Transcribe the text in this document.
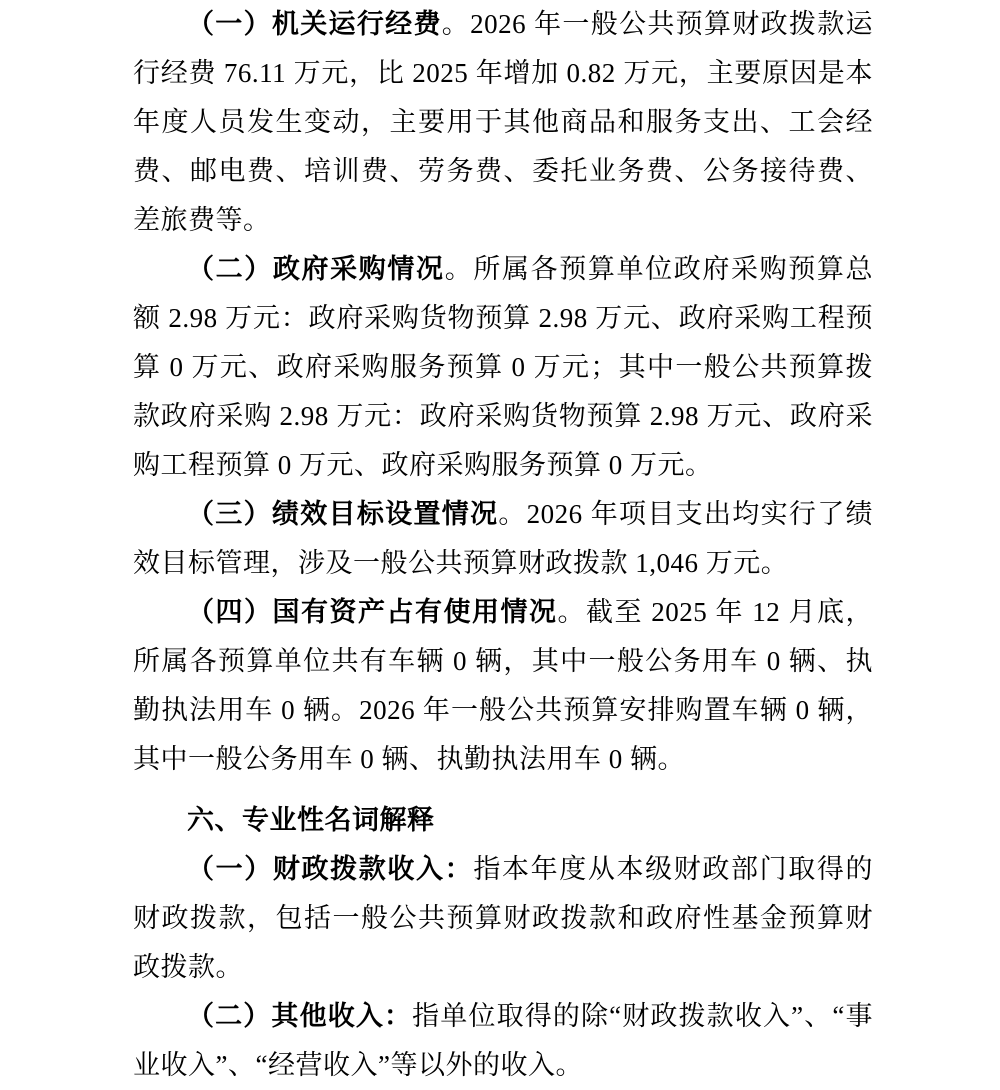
（一）机关运行经费。2026 年一般公共预算财政拨款运行经费 76.11 万元，比 2025 年增加 0.82 万元，主要原因是本年度人员发生变动，主要用于其他商品和服务支出、工会经费、邮电费、培训费、劳务费、委托业务费、公务接待费、差旅费等。

（二）政府采购情况。所属各预算单位政府采购预算总额 2.98 万元：政府采购货物预算 2.98 万元、政府采购工程预算 0 万元、政府采购服务预算 0 万元；其中一般公共预算拨款政府采购 2.98 万元：政府采购货物预算 2.98 万元、政府采购工程预算 0 万元、政府采购服务预算 0 万元。

（三）绩效目标设置情况。2026 年项目支出均实行了绩效目标管理，涉及一般公共预算财政拨款 1,046 万元。

（四）国有资产占有使用情况。截至 2025 年 12 月底，所属各预算单位共有车辆 0 辆，其中一般公务用车 0 辆、执勤执法用车 0 辆。2026 年一般公共预算安排购置车辆 0 辆，其中一般公务用车 0 辆、执勤执法用车 0 辆。

六、专业性名词解释

（一）财政拨款收入：指本年度从本级财政部门取得的财政拨款，包括一般公共预算财政拨款和政府性基金预算财政拨款。

（二）其他收入：指单位取得的除“财政拨款收入”、“事业收入”、“经营收入”等以外的收入。
